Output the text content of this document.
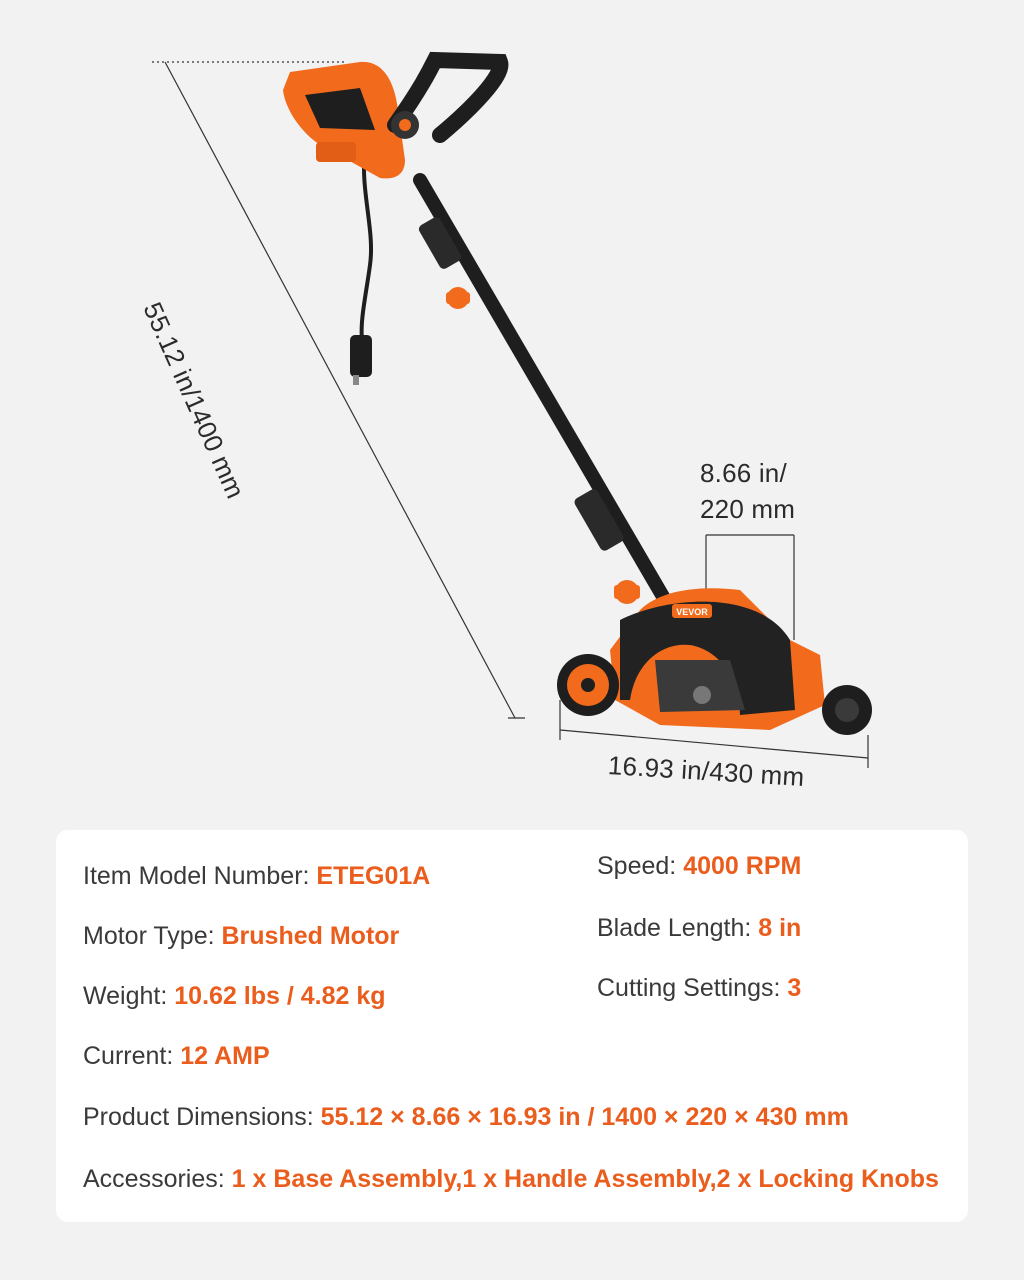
VEVOR
55.12 in/1400 mm	8.66 in/
220 mm
16.93 in/430 mm
Item Model Number: ETEG01A	Speed: 4000 RPM
Motor Type: Brushed Motor	Blade Length: 8 in
Weight: 10.62 lbs / 4.82 kg	Cutting Settings: 3
Current: 12 AMP
Product Dimensions: 55.12 × 8.66 × 16.93 in / 1400 × 220 × 430 mm
Accessories: 1 x Base Assembly,1 x Handle Assembly,2 x Locking Knobs
